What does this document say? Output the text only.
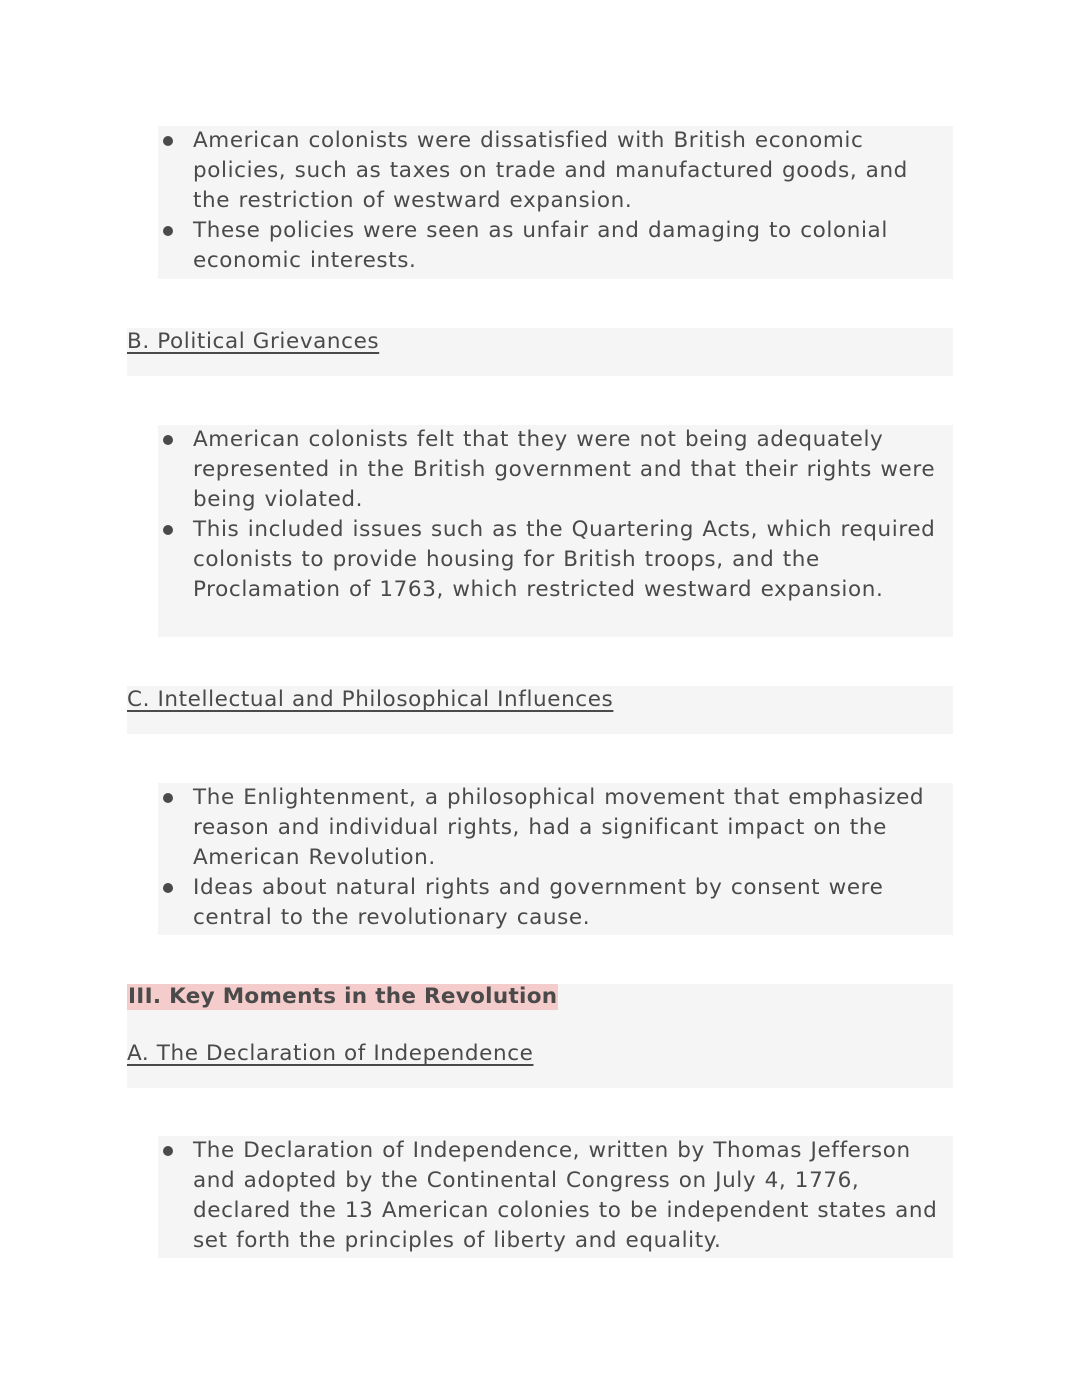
American colonists were dissatisfied with British economic policies, such as taxes on trade and manufactured goods, and the restriction of westward expansion.
These policies were seen as unfair and damaging to colonial economic interests.
B. Political Grievances
American colonists felt that they were not being adequately represented in the British government and that their rights were being violated.
This included issues such as the Quartering Acts, which required colonists to provide housing for British troops, and the Proclamation of 1763, which restricted westward expansion.
C. Intellectual and Philosophical Influences
The Enlightenment, a philosophical movement that emphasized reason and individual rights, had a significant impact on the American Revolution.
Ideas about natural rights and government by consent were central to the revolutionary cause.
III. Key Moments in the Revolution
A. The Declaration of Independence
The Declaration of Independence, written by Thomas Jefferson and adopted by the Continental Congress on July 4, 1776, declared the 13 American colonies to be independent states and set forth the principles of liberty and equality.
